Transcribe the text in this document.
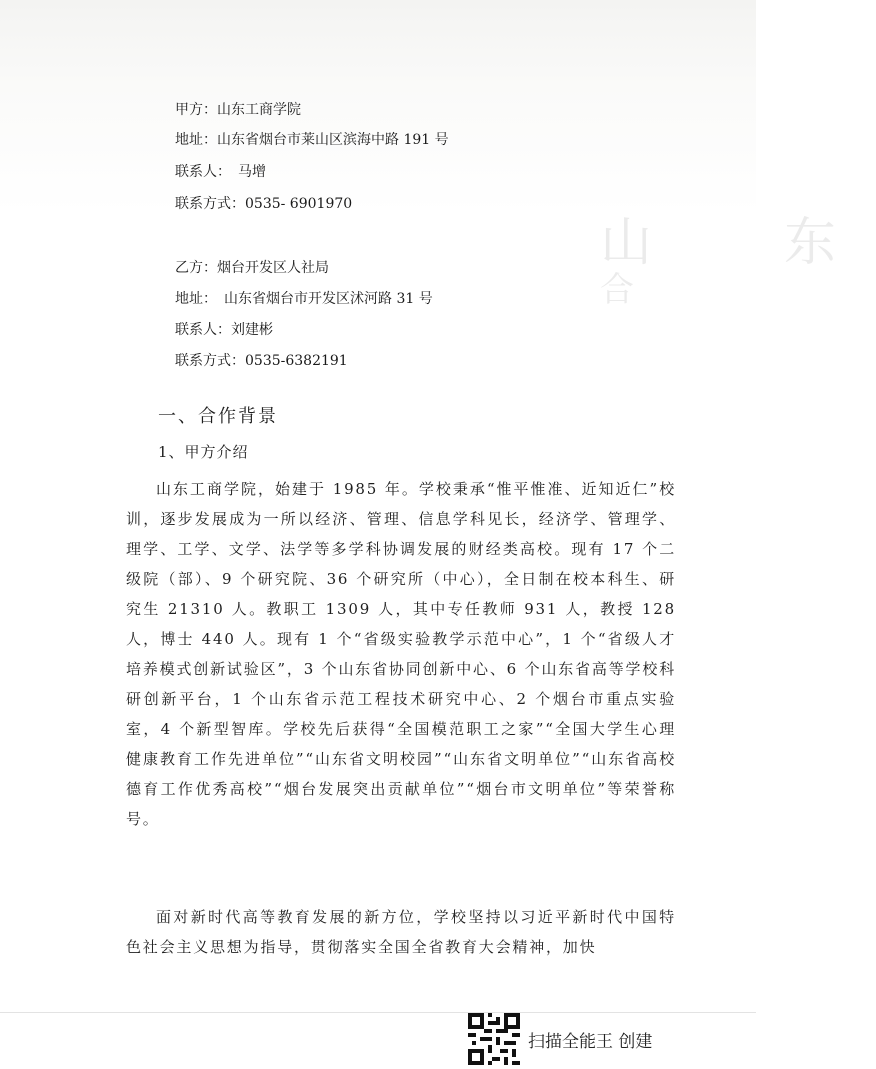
山　东
合
甲方：山东工商学院
地址：山东省烟台市莱山区滨海中路 191 号
联系人：　马增
联系方式：0535- 6901970
乙方：烟台开发区人社局
地址：　山东省烟台市开发区沭河路 31 号
联系人：刘建彬
联系方式：0535-6382191
一、合作背景
1、甲方介绍

山东工商学院，始建于 1985 年。学校秉承“惟平惟准、近知近仁”校训，逐步发展成为一所以经济、管理、信息学科见长，经济学、管理学、理学、工学、文学、法学等多学科协调发展的财经类高校。现有 17 个二级院（部）、9 个研究院、36 个研究所（中心），全日制在校本科生、研究生 21310 人。教职工 1309 人，其中专任教师 931 人，教授 128 人，博士 440 人。现有 1 个“省级实验教学示范中心”，1 个“省级人才培养模式创新试验区”，3 个山东省协同创新中心、6 个山东省高等学校科研创新平台，1 个山东省示范工程技术研究中心、2 个烟台市重点实验室，4 个新型智库。学校先后获得“全国模范职工之家”“全国大学生心理健康教育工作先进单位”“山东省文明校园”“山东省文明单位”“山东省高校德育工作优秀高校”“烟台发展突出贡献单位”“烟台市文明单位”等荣誉称号。

面对新时代高等教育发展的新方位，学校坚持以习近平新时代中国特色社会主义思想为指导，贯彻落实全国全省教育大会精神，加快

扫描全能王 创建
